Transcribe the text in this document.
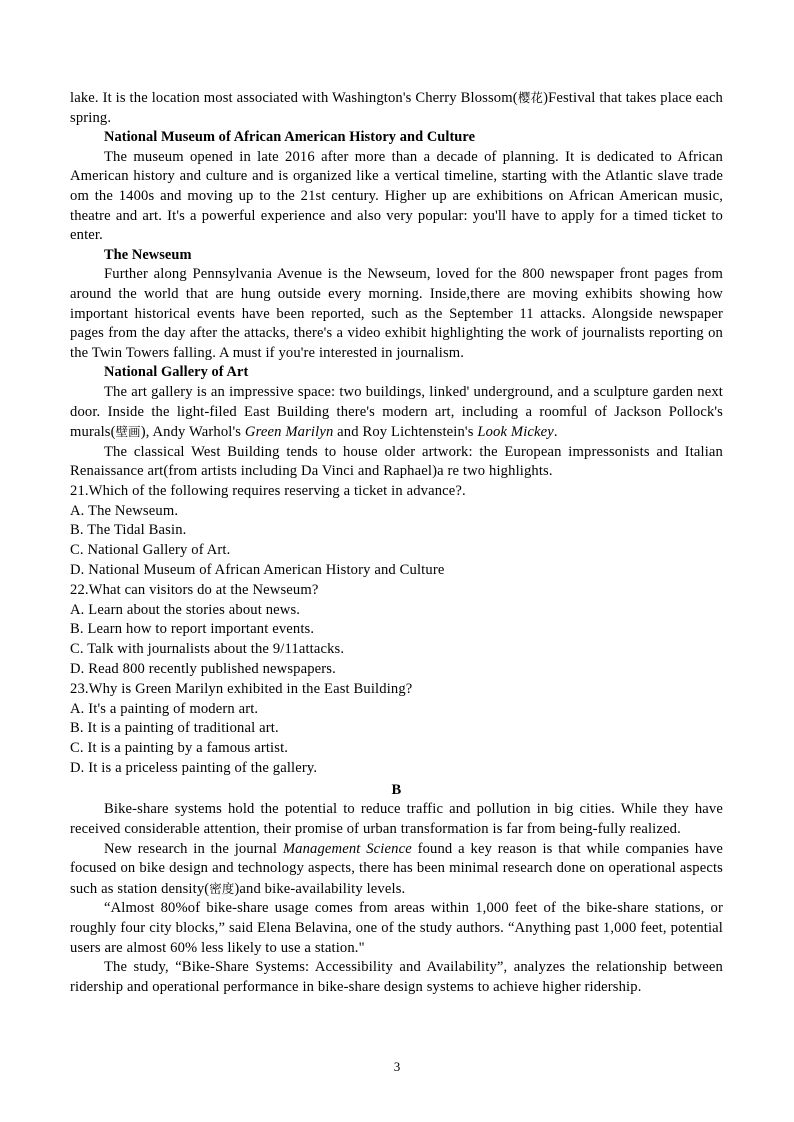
lake. It is the location most associated with Washington's Cherry Blossom(樱花)Festival that takes place each spring.

National Museum of African American History and Culture

The museum opened in late 2016 after more than a decade of planning. It is dedicated to African American history and culture and is organized like a vertical timeline, starting with the Atlantic slave trade om the 1400s and moving up to the 21st century. Higher up are exhibitions on African American music, theatre and art. It's a powerful experience and also very popular: you'll have to apply for a timed ticket to enter.

The Newseum

Further along Pennsylvania Avenue is the Newseum, loved for the 800 newspaper front pages from around the world that are hung outside every morning. Inside,there are moving exhibits showing how important historical events have been reported, such as the September 11 attacks. Alongside newspaper pages from the day after the attacks, there's a video exhibit highlighting the work of journalists reporting on the Twin Towers falling. A must if you're interested in journalism.

National Gallery of Art

The art gallery is an impressive space: two buildings, linked' underground, and a sculpture garden next door. Inside the light-filed East Building there's modern art, including a roomful of Jackson Pollock's murals(壁画), Andy Warhol's Green Marilyn and Roy Lichtenstein's Look Mickey.

The classical West Building tends to house older artwork: the European impressonists and Italian Renaissance art(from artists including Da Vinci and Raphael)a re two highlights.

21.Which of the following requires reserving a ticket in advance?.

A. The Newseum.

B. The Tidal Basin.

C. National Gallery of Art.

D. National Museum of African American History and Culture

22.What can visitors do at the Newseum?

A. Learn about the stories about news.

B. Learn how to report important events.

C. Talk with journalists about the 9/11attacks.

D. Read 800 recently published newspapers.

23.Why is Green Marilyn exhibited in the East Building?

A. It's a painting of modern art.

B. It is a painting of traditional art.

C. It is a painting by a famous artist.

D. It is a priceless painting of the gallery.

B

Bike-share systems hold the potential to reduce traffic and pollution in big cities. While they have received considerable attention, their promise of urban transformation is far from being-fully realized.

New research in the journal Management Science found a key reason is that while companies have focused on bike design and technology aspects, there has been minimal research done on operational aspects such as station density(密度)and bike-availability levels.

“Almost 80%of bike-share usage comes from areas within 1,000 feet of the bike-share stations, or roughly four city blocks,” said Elena Belavina, one of the study authors. “Anything past 1,000 feet, potential users are almost 60% less likely to use a station."

The study, “Bike-Share Systems: Accessibility and Availability”, analyzes the relationship between ridership and operational performance in bike-share design systems to achieve higher ridership.

3
